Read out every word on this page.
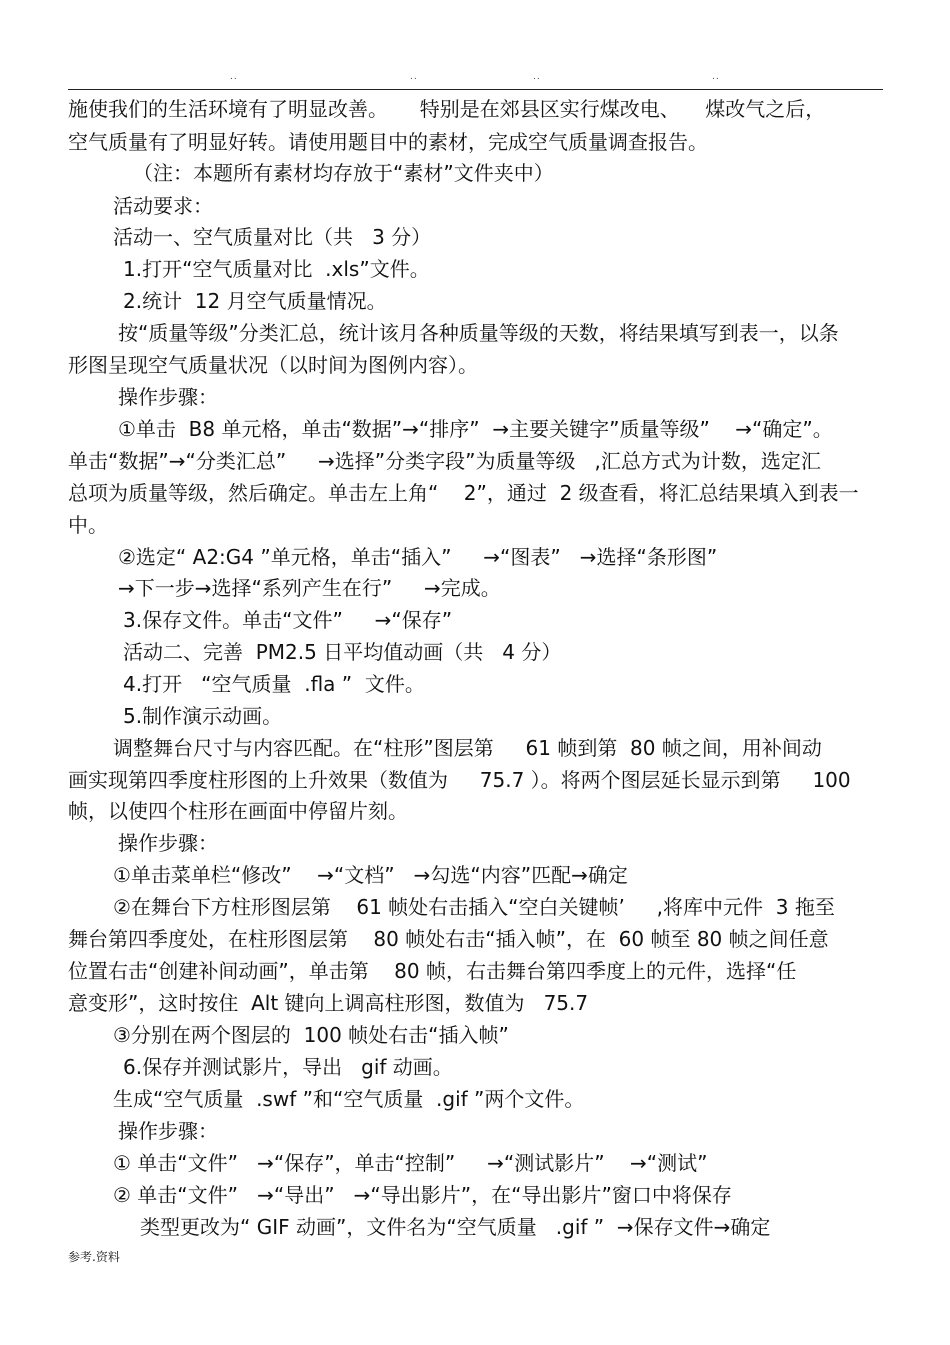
..	..	..	..
施使我们的生活环境有了明显改善。     特别是在郊县区实行煤改电、    煤改气之后，
空气质量有了明显好转。请使用题目中的素材，完成空气质量调查报告。
（注：本题所有素材均存放于“素材”文件夹中）
活动要求：
活动一、空气质量对比（共   3 分）
1.打开“空气质量对比  .xls”文件。
2.统计  12 月空气质量情况。
按“质量等级”分类汇总，统计该月各种质量等级的天数，将结果填写到表一，以条
形图呈现空气质量状况（以时间为图例内容）。
操作步骤：
①单击  B8 单元格，单击“数据”→“排序”  →主要关键字”质量等级”    →“确定”。
单击“数据”→“分类汇总”     →选择”分类字段”为质量等级   ,汇总方式为计数，选定汇
总项为质量等级，然后确定。单击左上角“    2”，通过  2 级查看，将汇总结果填入到表一
中。
②选定“ A2:G4 ”单元格，单击“插入”     →“图表”   →选择“条形图”
→下一步→选择“系列产生在行”     →完成。
3.保存文件。单击“文件”     →“保存”
活动二、完善  PM2.5 日平均值动画（共   4 分）
4.打开   “空气质量  .fla ”  文件。
5.制作演示动画。
调整舞台尺寸与内容匹配。在“柱形”图层第     61 帧到第  80 帧之间，用补间动
画实现第四季度柱形图的上升效果（数值为     75.7 ）。将两个图层延长显示到第     100
帧，以使四个柱形在画面中停留片刻。
操作步骤：
①单击菜单栏“修改”    →“文档”   →勾选“内容”匹配→确定
②在舞台下方柱形图层第    61 帧处右击插入“空白关键帧’     ,将库中元件  3 拖至
舞台第四季度处，在柱形图层第    80 帧处右击“插入帧”，在  60 帧至 80 帧之间任意
位置右击“创建补间动画”，单击第    80 帧，右击舞台第四季度上的元件，选择“任
意变形”，这时按住  Alt 键向上调高柱形图，数值为   75.7
③分别在两个图层的  100 帧处右击“插入帧”
6.保存并测试影片，导出   gif 动画。
生成“空气质量  .swf ”和“空气质量  .gif ”两个文件。
操作步骤：
① 单击“文件”   →“保存”，单击“控制”     →“测试影片”    →“测试”
② 单击“文件”   →“导出”   →“导出影片”，在“导出影片”窗口中将保存
类型更改为“ GIF 动画”，文件名为“空气质量   .gif ”  →保存文件→确定
参考.资料
